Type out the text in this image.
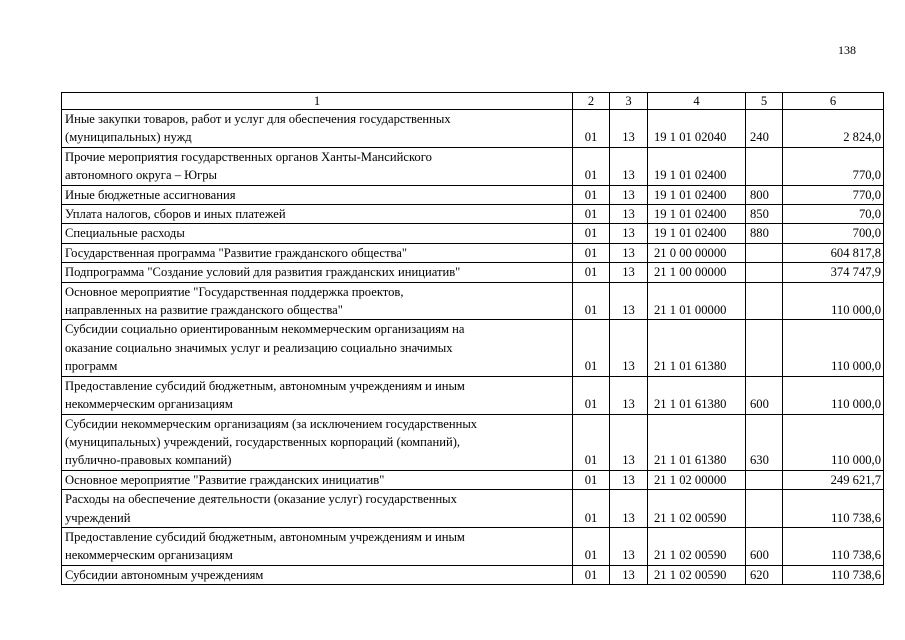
138
1	2	3	4	5	6
Иные закупки товаров, работ и услуг для обеспечения государственных
(муниципальных) нужд	01	13	19 1 01 02040	240	2 824,0
Прочие мероприятия государственных органов Ханты-Мансийского
автономного округа – Югры	01	13	19 1 01 02400		770,0
Иные бюджетные ассигнования	01	13	19 1 01 02400	800	770,0
Уплата налогов, сборов и иных платежей	01	13	19 1 01 02400	850	70,0
Специальные расходы	01	13	19 1 01 02400	880	700,0
Государственная программа "Развитие гражданского общества"	01	13	21 0 00 00000		604 817,8
Подпрограмма "Создание условий для развития гражданских инициатив"	01	13	21 1 00 00000		374 747,9
Основное мероприятие "Государственная поддержка проектов,
направленных на развитие гражданского общества"	01	13	21 1 01 00000		110 000,0
Субсидии социально ориентированным некоммерческим организациям на
оказание социально значимых услуг и реализацию социально значимых
программ	01	13	21 1 01 61380		110 000,0
Предоставление субсидий бюджетным, автономным учреждениям и иным
некоммерческим организациям	01	13	21 1 01 61380	600	110 000,0
Субсидии некоммерческим организациям (за исключением государственных
(муниципальных) учреждений, государственных корпораций (компаний),
публично-правовых компаний)	01	13	21 1 01 61380	630	110 000,0
Основное мероприятие "Развитие гражданских инициатив"	01	13	21 1 02 00000		249 621,7
Расходы на обеспечение деятельности (оказание услуг) государственных
учреждений	01	13	21 1 02 00590		110 738,6
Предоставление субсидий бюджетным, автономным учреждениям и иным
некоммерческим организациям	01	13	21 1 02 00590	600	110 738,6
Субсидии автономным учреждениям	01	13	21 1 02 00590	620	110 738,6
